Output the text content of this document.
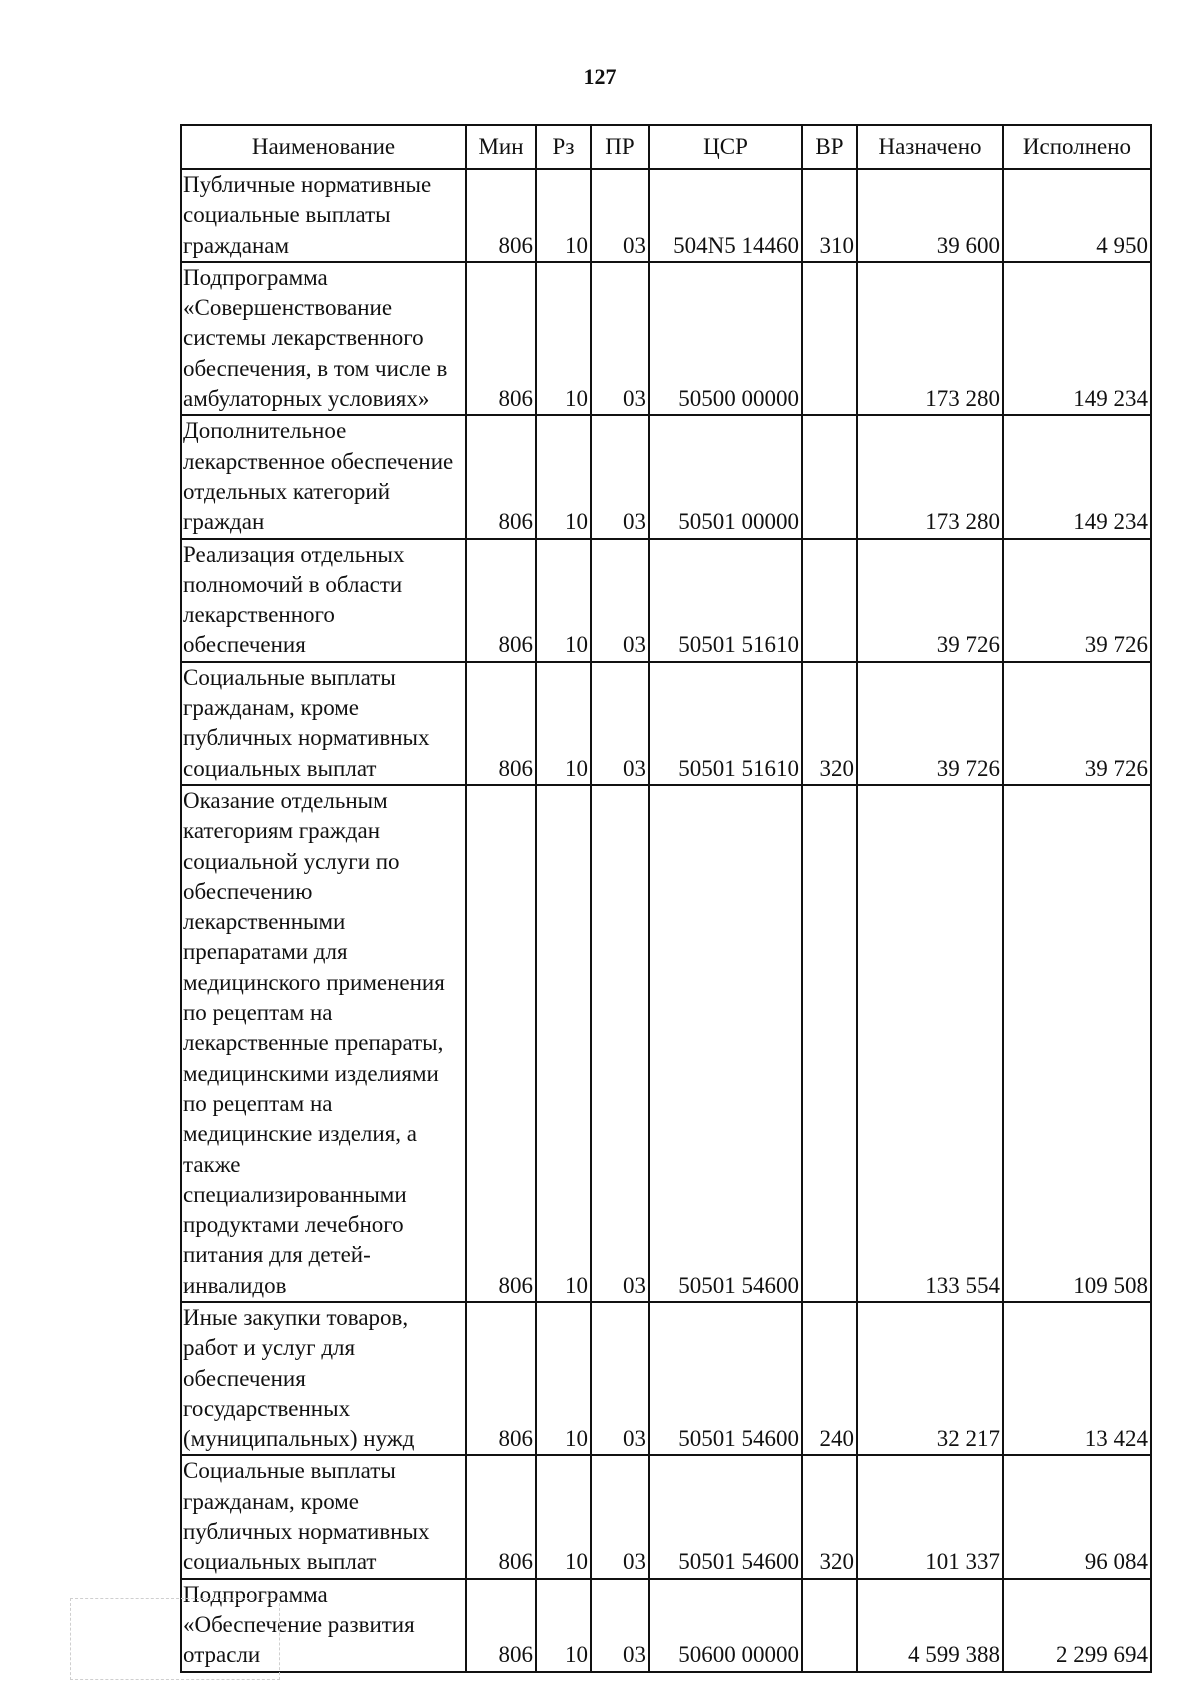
127
Наименование	Мин	Рз	ПР	ЦСР	ВР	Назначено	Исполнено
Публичные нормативные социальные выплаты гражданам	806	10	03	504N5 14460	310	39 600	4 950
Подпрограмма «Совершенствование системы лекарственного обеспечения, в том числе в амбулаторных условиях»	806	10	03	50500 00000		173 280	149 234
Дополнительное лекарственное обеспечение отдельных категорий граждан	806	10	03	50501 00000		173 280	149 234
Реализация отдельных полномочий в области лекарственного обеспечения	806	10	03	50501 51610		39 726	39 726
Социальные выплаты гражданам, кроме публичных нормативных социальных выплат	806	10	03	50501 51610	320	39 726	39 726
Оказание отдельным категориям граждан социальной услуги по обеспечению лекарственными препаратами для медицинского применения по рецептам на лекарственные препараты, медицинскими изделиями по рецептам на медицинские изделия, а также специализированными продуктами лечебного питания для детей-инвалидов	806	10	03	50501 54600		133 554	109 508
Иные закупки товаров, работ и услуг для обеспечения государственных (муниципальных) нужд	806	10	03	50501 54600	240	32 217	13 424
Социальные выплаты гражданам, кроме публичных нормативных социальных выплат	806	10	03	50501 54600	320	101 337	96 084
Подпрограмма «Обеспечение развития отрасли	806	10	03	50600 00000		4 599 388	2 299 694
